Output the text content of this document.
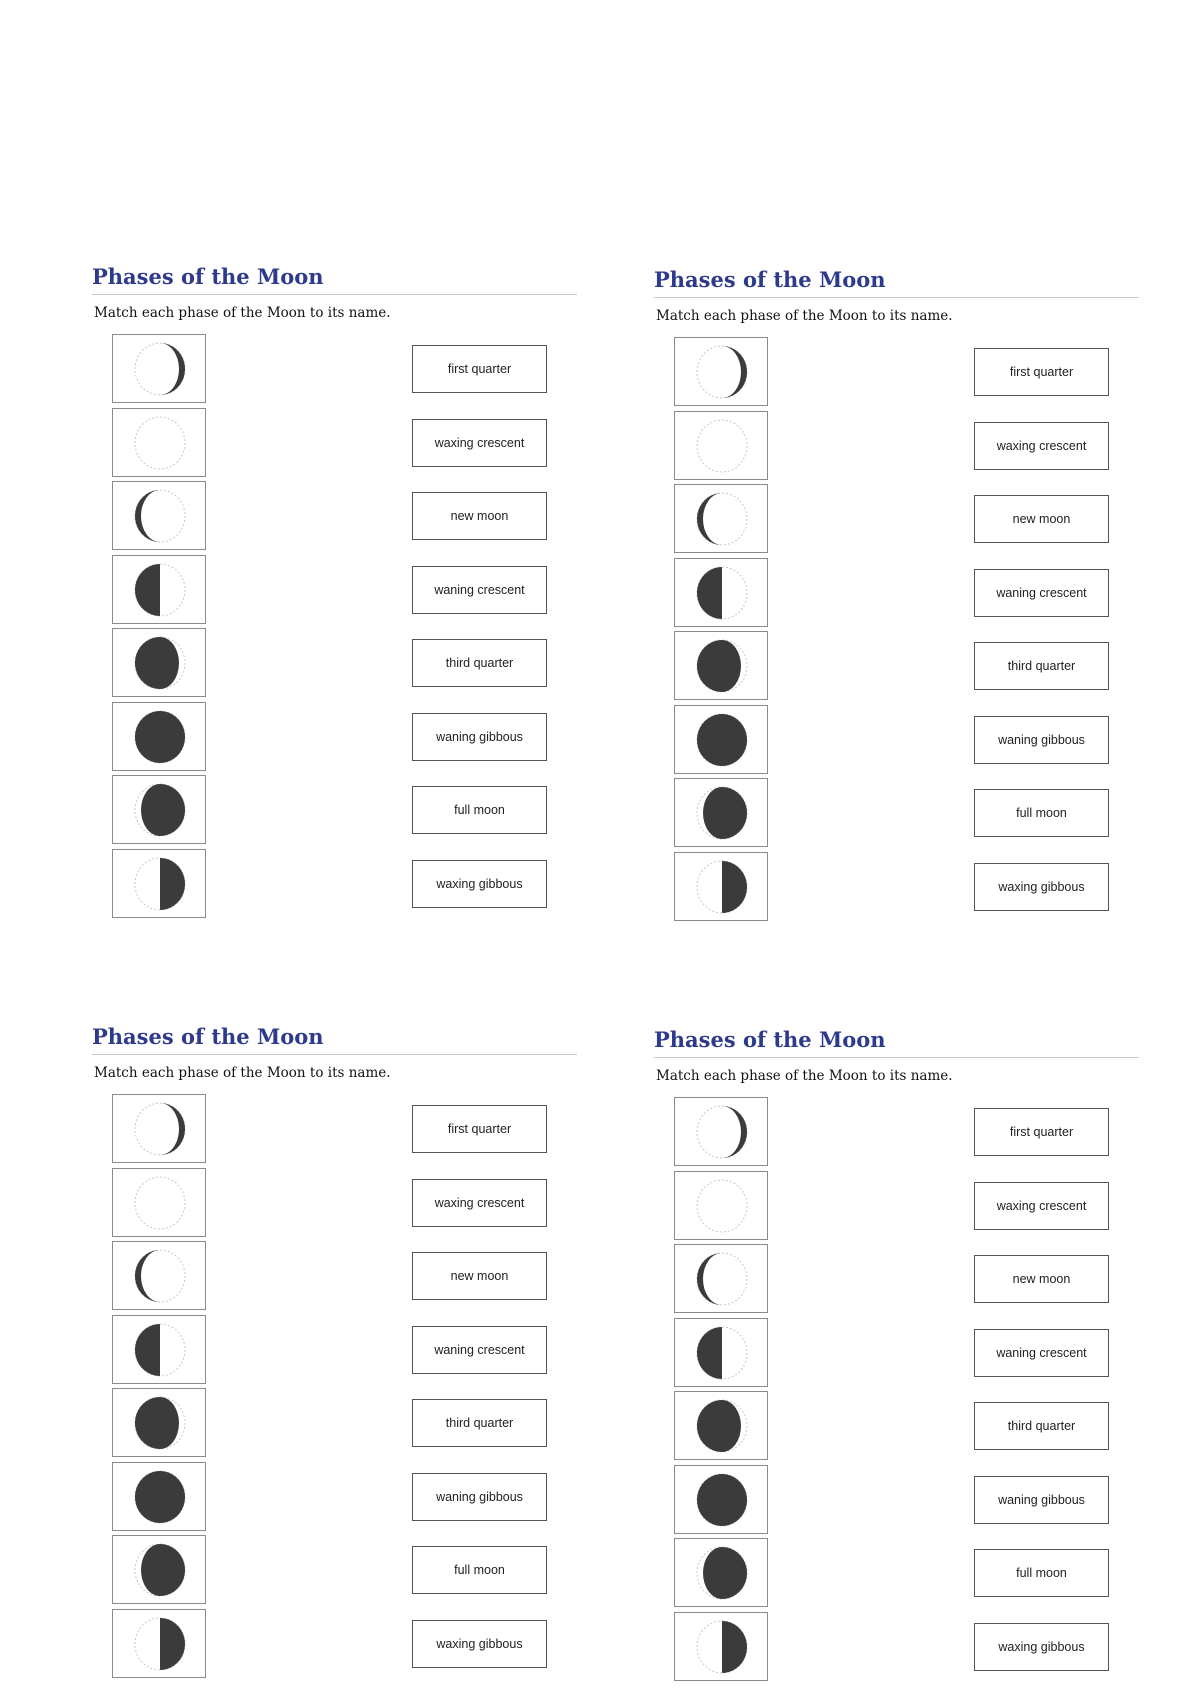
Phases of the Moon
Match each phase of the Moon to its name.
first quarter
waxing crescent
new moon
waning crescent
third quarter
waning gibbous
full moon
waxing gibbous
Phases of the Moon
Match each phase of the Moon to its name.
first quarter
waxing crescent
new moon
waning crescent
third quarter
waning gibbous
full moon
waxing gibbous
Phases of the Moon
Match each phase of the Moon to its name.
first quarter
waxing crescent
new moon
waning crescent
third quarter
waning gibbous
full moon
waxing gibbous
Phases of the Moon
Match each phase of the Moon to its name.
first quarter
waxing crescent
new moon
waning crescent
third quarter
waning gibbous
full moon
waxing gibbous
